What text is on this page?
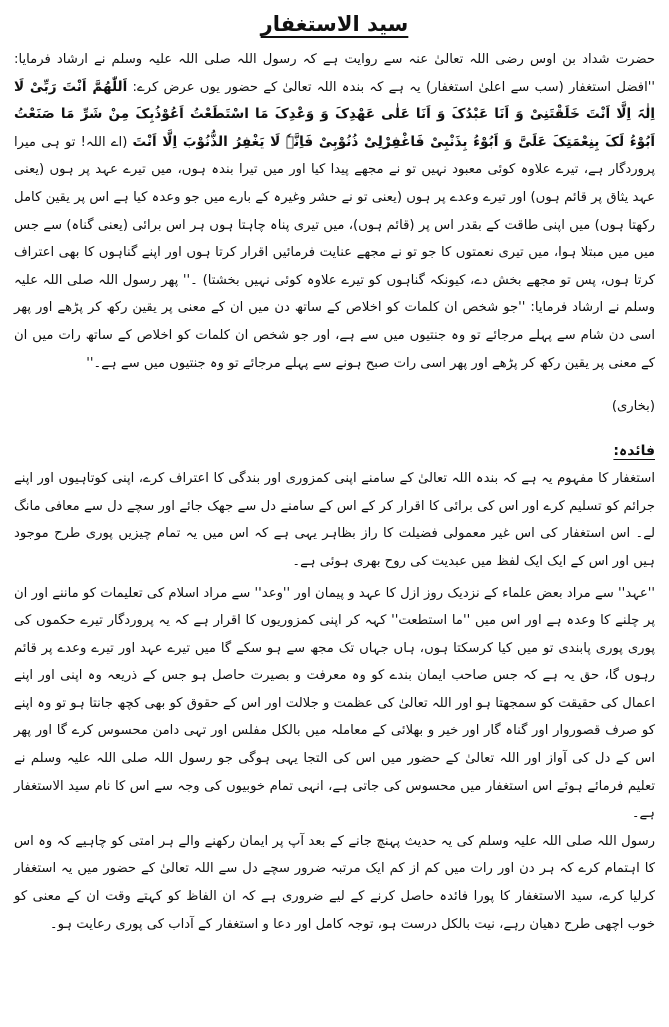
سید الاستغفار

حضرت شداد بن اوس رضی اللہ تعالیٰ عنہ سے روایت ہے کہ رسول اللہ صلی اللہ علیہ وسلم نے ارشاد فرمایا: ''افضل استغفار (سب سے اعلیٰ استغفار) یہ ہے کہ بندہ اللہ تعالیٰ کے حضور یوں عرض کرے: اَللّٰھُمَّ اَنْتَ رَبِّیْ لَا اِلٰہَ اِلَّا اَنْتَ خَلَقْتَنِیْ وَ اَنَا عَبْدُکَ وَ اَنَا عَلٰی عَھْدِکَ وَ وَعْدِکَ مَا اسْتَطَعْتُ اَعُوْذُبِکَ مِنْ شَرِّ مَا صَنَعْتُ اَبُوْءُ لَکَ بِنِعْمَتِکَ عَلَیَّ وَ اَبُوْءُ بِذَنْبِیْ فَاغْفِرْلِیْ ذُنُوْبِیْ فَاِنَّہٗ لَا یَغْفِرُ الذُّنُوْبَ اِلَّا اَنْتَ (اے اللہ! تو ہی میرا پروردگار ہے، تیرے علاوہ کوئی معبود نہیں تو نے مجھے پیدا کیا اور میں تیرا بندہ ہوں، میں تیرے عہد پر ہوں (یعنی عہد یثاق پر قائم ہوں) اور تیرے وعدے پر ہوں (یعنی تو نے حشر وغیرہ کے بارے میں جو وعدہ کیا ہے اس پر یقین کامل رکھتا ہوں) میں اپنی طاقت کے بقدر اس پر (قائم ہوں)، میں تیری پناہ چاہتا ہوں ہر اس برائی (یعنی گناہ) سے جس میں میں مبتلا ہوا، میں تیری نعمتوں کا جو تو نے مجھے عنایت فرمائیں اقرار کرتا ہوں اور اپنے گناہوں کا بھی اعتراف کرتا ہوں، پس تو مجھے بخش دے، کیونکہ گناہوں کو تیرے علاوہ کوئی نہیں بخشتا) ۔'' پھر رسول اللہ صلی اللہ علیہ وسلم نے ارشاد فرمایا: ''جو شخص ان کلمات کو اخلاص کے ساتھ دن میں ان کے معنی پر یقین رکھ کر پڑھے اور پھر اسی دن شام سے پہلے مرجائے تو وہ جنتیوں میں سے ہے، اور جو شخص ان کلمات کو اخلاص کے ساتھ رات میں ان کے معنی پر یقین رکھ کر پڑھے اور پھر اسی رات صبح ہونے سے پہلے مرجائے تو وہ جنتیوں میں سے ہے۔''

(بخاری)
فائدہ:

استغفار کا مفہوم یہ ہے کہ بندہ اللہ تعالیٰ کے سامنے اپنی کمزوری اور بندگی کا اعتراف کرے، اپنی کوتاہیوں اور اپنے جرائم کو تسلیم کرے اور اس کی برائی کا اقرار کر کے اس کے سامنے دل سے جھک جائے اور سچے دل سے معافی مانگ لے۔ اس استغفار کی اس غیر معمولی فضیلت کا راز بظاہر یہی ہے کہ اس میں یہ تمام چیزیں پوری طرح موجود ہیں اور اس کے ایک ایک لفظ میں عبدیت کی روح بھری ہوئی ہے۔

''عہد'' سے مراد بعض علماء کے نزدیک روز ازل کا عہد و پیمان اور ''وعد'' سے مراد اسلام کی تعلیمات کو ماننے اور ان پر چلنے کا وعدہ ہے اور اس میں ''ما استطعت'' کہہ کر اپنی کمزوریوں کا اقرار ہے کہ یہ پروردگار تیرے حکموں کی پوری پوری پابندی تو میں کیا کرسکتا ہوں، ہاں جہاں تک مجھ سے ہو سکے گا میں تیرے عہد اور تیرے وعدے پر قائم رہوں گا، حق یہ ہے کہ جس صاحب ایمان بندے کو وہ معرفت و بصیرت حاصل ہو جس کے ذریعہ وہ اپنی اور اپنے اعمال کی حقیقت کو سمجھتا ہو اور اللہ تعالیٰ کی عظمت و جلالت اور اس کے حقوق کو بھی کچھ جانتا ہو تو وہ اپنے کو صرف قصوروار اور گناہ گار اور خیر و بھلائی کے معاملہ میں بالکل مفلس اور تہی دامن محسوس کرے گا اور پھر اس کے دل کی آواز اور اللہ تعالیٰ کے حضور میں اس کی التجا یہی ہوگی جو رسول اللہ صلی اللہ علیہ وسلم نے تعلیم فرمائے ہوئے اس استغفار میں محسوس کی جاتی ہے، انہی تمام خوبیوں کی وجہ سے اس کا نام سید الاستغفار ہے۔

رسول اللہ صلی اللہ علیہ وسلم کی یہ حدیث پہنچ جانے کے بعد آپ پر ایمان رکھنے والے ہر امتی کو چاہیے کہ وہ اس کا اہتمام کرے کہ ہر دن اور رات میں کم از کم ایک مرتبہ ضرور سچے دل سے اللہ تعالیٰ کے حضور میں یہ استغفار کرلیا کرے، سید الاستغفار کا پورا فائدہ حاصل کرنے کے لیے ضروری ہے کہ ان الفاظ کو کہتے وقت ان کے معنی کو خوب اچھی طرح دھیان رہے، نیت بالکل درست ہو، توجہ کامل اور دعا و استغفار کے آداب کی پوری رعایت ہو۔
